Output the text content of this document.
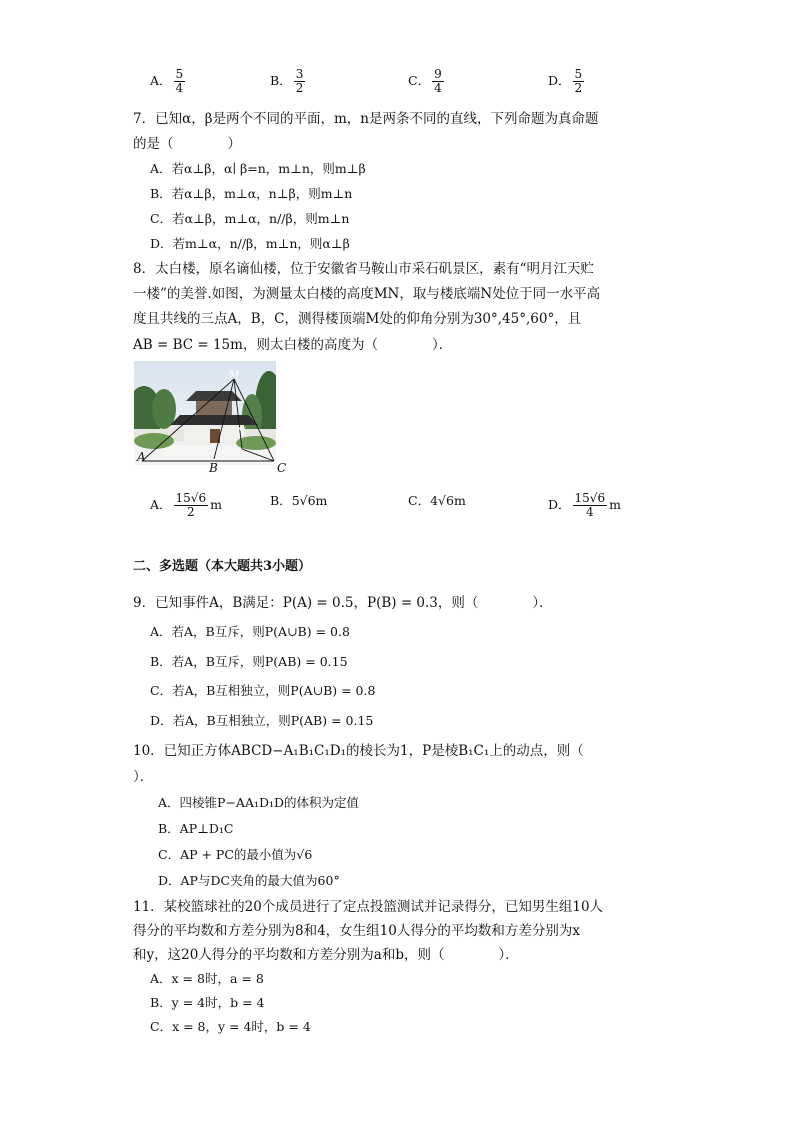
A． $\frac{5}{4}$	B． $\frac{3}{2}$	C． $\frac{9}{4}$	D． $\frac{5}{2}$
7．已知α，β是两个不同的平面，m，n是两条不同的直线，下列命题为真命题
的是（　　　　）
A．若α⊥β，α∣ β=n，m⊥n，则m⊥β
B．若α⊥β，m⊥α，n⊥β，则m⊥n
C．若α⊥β，m⊥α，n//β，则m⊥n
D．若m⊥α，n//β，m⊥n，则α⊥β
8．太白楼，原名谪仙楼，位于安徽省马鞍山市采石矶景区，素有“明月江天贮
一楼”的美誉.如图，为测量太白楼的高度MN，取与楼底端N处位于同一水平高
度且共线的三点A，B，C，测得楼顶端M处的仰角分别为30°,45°,60°，且
AB = BC = 15m，则太白楼的高度为（　　　　）．
M
N
A
B	C
A． $\frac{15√6}{2}$ m	B．5√6m	C．4√6m	D． $\frac{15√6}{4}$ m
二、多选题（本大题共3小题）
9．已知事件A，B满足：P(A) = 0.5，P(B) = 0.3，则（　　　　）．
A．若A，B互斥，则P(A∪B) = 0.8
B．若A，B互斥，则P(AB) = 0.15
C．若A，B互相独立，则P(A∪B) = 0.8
D．若A，B互相独立，则P(AB) = 0.15
10．已知正方体ABCD−A₁B₁C₁D₁的棱长为1，P是棱B₁C₁上的动点，则（
）．
A．四棱锥P−AA₁D₁D的体积为定值
B．AP⊥D₁C
C．AP + PC的最小值为√6
D．AP与DC夹角的最大值为60°
11．某校篮球社的20个成员进行了定点投篮测试并记录得分，已知男生组10人
得分的平均数和方差分别为8和4，女生组10人得分的平均数和方差分别为x
和y，这20人得分的平均数和方差分别为a和b，则（　　　　）．
A．x = 8时，a = 8
B．y = 4时，b = 4
C．x = 8，y = 4时，b = 4
